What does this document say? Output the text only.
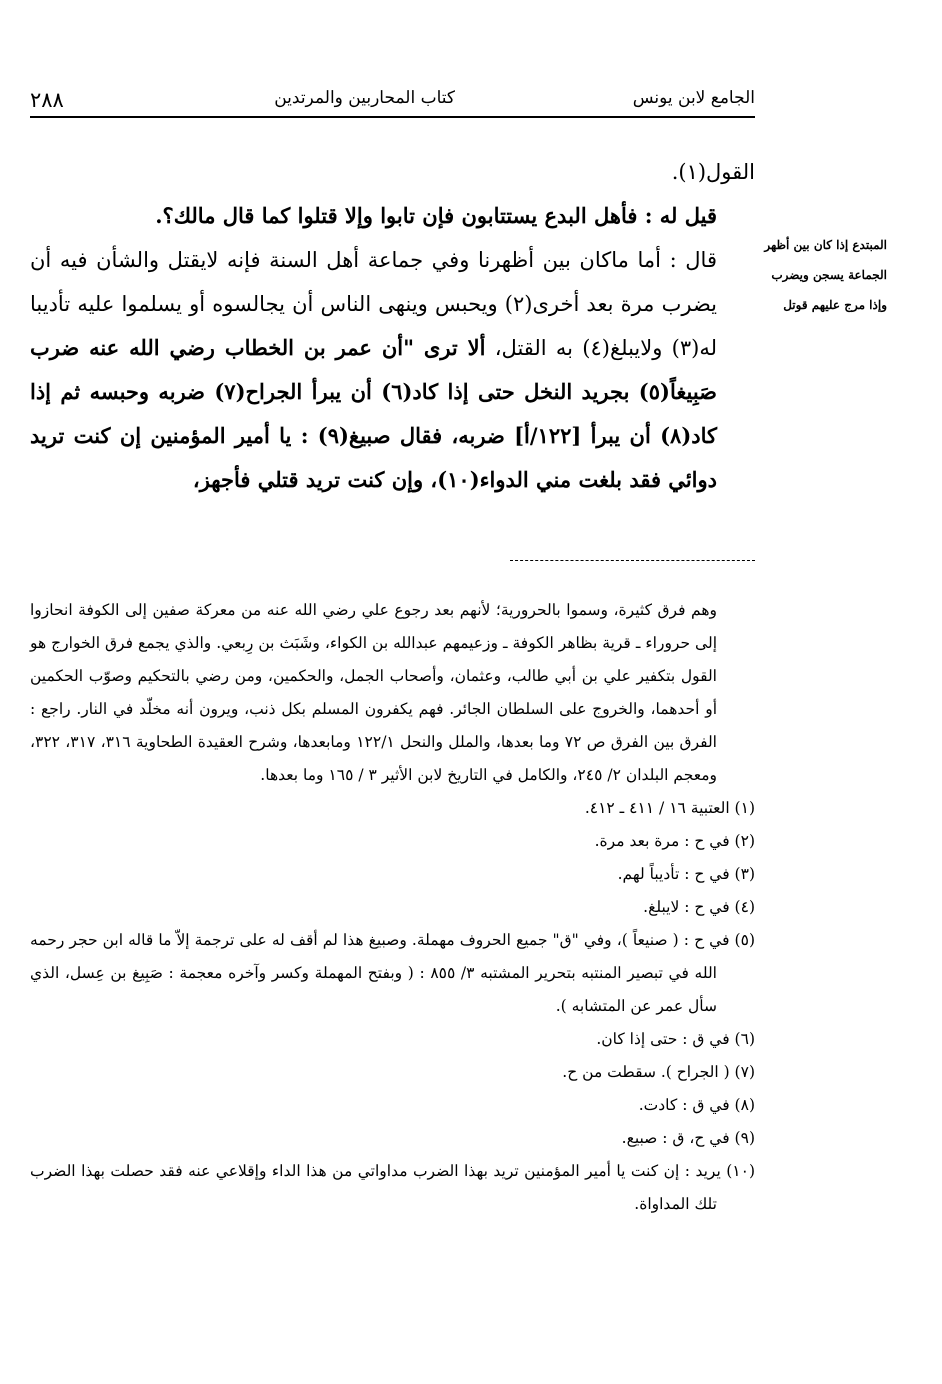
الجامع لابن يونس
كتاب المحاربين والمرتدين
٢٨٨

القول(١).

قيل له : فأهل البدع يستتابون فإن تابوا وإلا قتلوا كما قال مالك؟.

قال : أما ماكان بين أظهرنا وفي جماعة أهل السنة فإنه لايقتل والشأن فيه أن يضرب مرة بعد أخرى(٢) ويحبس وينهى الناس أن يجالسوه أو يسلموا عليه تأديبا له(٣) ولايبلغ(٤) به القتل، ألا ترى "أن عمر بن الخطاب رضي الله عنه ضرب صَبِيغاً(٥) بجريد النخل حتى إذا كاد(٦) أن يبرأ الجراح(٧) ضربه وحبسه ثم إذا كاد(٨) أن يبرأ [١٢٢/أ] ضربه، فقال صبيغ(٩) : يا أمير المؤمنين إن كنت تريد دوائي فقد بلغت مني الدواء(١٠)، وإن كنت تريد قتلي فأجهز،

المبتدع إذا كان بين أظهر
الجماعة يسجن ويضرب
وإذا مرج عليهم قوتل

وهم فرق كثيرة، وسموا بالحرورية؛ لأنهم بعد رجوع علي رضي الله عنه من معركة صفين إلى الكوفة انحازوا إلى حروراء ـ قرية بظاهر الكوفة ـ وزعيمهم عبدالله بن الكواء، وشَبَث بن رِبعي. والذي يجمع فرق الخوارج هو القول بتكفير علي بن أبي طالب، وعثمان، وأصحاب الجمل، والحكمين، ومن رضي بالتحكيم وصوّب الحكمين أو أحدهما، والخروج على السلطان الجائر. فهم يكفرون المسلم بكل ذنب، ويرون أنه مخلّد في النار. راجع : الفرق بين الفرق ص ٧٢ وما بعدها، والملل والنحل ١٢٢/١ ومابعدها، وشرح العقيدة الطحاوية ٣١٦، ٣١٧، ٣٢٢، ومعجم البلدان ٢/ ٢٤٥، والكامل في التاريخ لابن الأثير ٣ / ١٦٥ وما بعدها.

(١) العتبية ١٦ / ٤١١ ـ ٤١٢.

(٢) في ح : مرة بعد مرة.

(٣) في ح : تأديباً لهم.

(٤) في ح : لايبلغ.

(٥) في ح : ( صنيعاً )، وفي "ق" جميع الحروف مهملة. وصبيغ هذا لم أقف له على ترجمة إلاّ ما قاله ابن حجر رحمه الله في تبصير المنتبه بتحرير المشتبه ٣/ ٨٥٥ : ( وبفتح المهملة وكسر وآخره معجمة : صَبِيغ بن عِسل، الذي سأل عمر عن المتشابه ).

(٦) في ق : حتى إذا كان.

(٧) ( الجراح ). سقطت من ح.

(٨) في ق : كادت.

(٩) في ح، ق : صبيع.

(١٠) يريد : إن كنت يا أمير المؤمنين تريد بهذا الضرب مداواتي من هذا الداء وإقلاعي عنه فقد حصلت بهذا الضرب تلك المداواة.
